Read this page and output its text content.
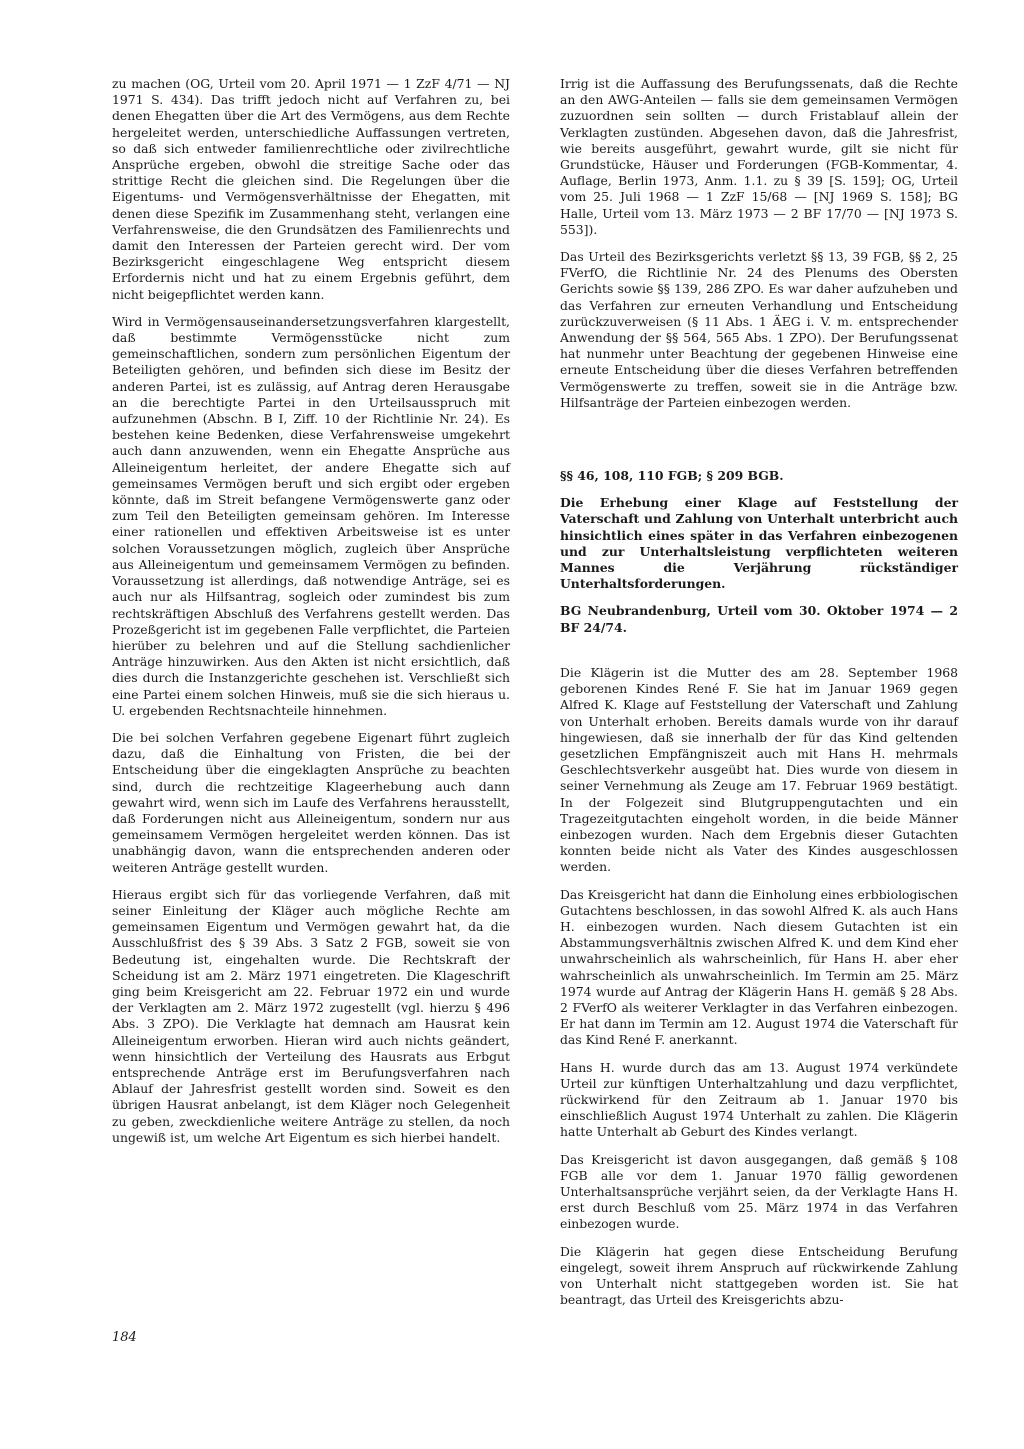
zu machen (OG, Urteil vom 20. April 1971 — 1 ZzF 4/71 — NJ 1971 S. 434). Das trifft jedoch nicht auf Verfahren zu, bei denen Ehegatten über die Art des Vermögens, aus dem Rechte hergeleitet werden, unterschiedliche Auffassungen vertreten, so daß sich entweder familienrechtliche oder zivilrechtliche Ansprüche ergeben, obwohl die streitige Sache oder das strittige Recht die gleichen sind. Die Regelungen über die Eigentums- und Vermögensverhältnisse der Ehegatten, mit denen diese Spezifik im Zusammenhang steht, verlangen eine Verfahrensweise, die den Grundsätzen des Familienrechts und damit den Interessen der Parteien gerecht wird. Der vom Bezirksgericht eingeschlagene Weg entspricht diesem Erfordernis nicht und hat zu einem Ergebnis geführt, dem nicht beigepflichtet werden kann.

Wird in Vermögensauseinandersetzungsverfahren klargestellt, daß bestimmte Vermögensstücke nicht zum gemeinschaftlichen, sondern zum persönlichen Eigentum der Beteiligten gehören, und befinden sich diese im Besitz der anderen Partei, ist es zulässig, auf Antrag deren Herausgabe an die berechtigte Partei in den Urteilsausspruch mit aufzunehmen (Abschn. B I, Ziff. 10 der Richtlinie Nr. 24). Es bestehen keine Bedenken, diese Verfahrensweise umgekehrt auch dann anzuwenden, wenn ein Ehegatte Ansprüche aus Alleineigentum herleitet, der andere Ehegatte sich auf gemeinsames Vermögen beruft und sich ergibt oder ergeben könnte, daß im Streit befangene Vermögenswerte ganz oder zum Teil den Beteiligten gemeinsam gehören. Im Interesse einer rationellen und effektiven Arbeitsweise ist es unter solchen Voraussetzungen möglich, zugleich über Ansprüche aus Alleineigentum und gemeinsamem Vermögen zu befinden. Voraussetzung ist allerdings, daß notwendige Anträge, sei es auch nur als Hilfsantrag, sogleich oder zumindest bis zum rechtskräftigen Abschluß des Verfahrens gestellt werden. Das Prozeßgericht ist im gegebenen Falle verpflichtet, die Parteien hierüber zu belehren und auf die Stellung sachdienlicher Anträge hinzuwirken. Aus den Akten ist nicht ersichtlich, daß dies durch die Instanzgerichte geschehen ist. Verschließt sich eine Partei einem solchen Hinweis, muß sie die sich hieraus u. U. ergebenden Rechtsnachteile hinnehmen.

Die bei solchen Verfahren gegebene Eigenart führt zugleich dazu, daß die Einhaltung von Fristen, die bei der Entscheidung über die eingeklagten Ansprüche zu beachten sind, durch die rechtzeitige Klageerhebung auch dann gewahrt wird, wenn sich im Laufe des Verfahrens herausstellt, daß Forderungen nicht aus Alleineigentum, sondern nur aus gemeinsamem Vermögen hergeleitet werden können. Das ist unabhängig davon, wann die entsprechenden anderen oder weiteren Anträge gestellt wurden.

Hieraus ergibt sich für das vorliegende Verfahren, daß mit seiner Einleitung der Kläger auch mögliche Rechte am gemeinsamen Eigentum und Vermögen gewahrt hat, da die Ausschlußfrist des § 39 Abs. 3 Satz 2 FGB, soweit sie von Bedeutung ist, eingehalten wurde. Die Rechtskraft der Scheidung ist am 2. März 1971 eingetreten. Die Klageschrift ging beim Kreisgericht am 22. Februar 1972 ein und wurde der Verklagten am 2. März 1972 zugestellt (vgl. hierzu § 496 Abs. 3 ZPO). Die Verklagte hat demnach am Hausrat kein Alleineigentum erworben. Hieran wird auch nichts geändert, wenn hinsichtlich der Verteilung des Hausrats aus Erbgut entsprechende Anträge erst im Berufungsverfahren nach Ablauf der Jahresfrist gestellt worden sind. Soweit es den übrigen Hausrat anbelangt, ist dem Kläger noch Gelegenheit zu geben, zweckdienliche weitere Anträge zu stellen, da noch ungewiß ist, um welche Art Eigentum es sich hierbei handelt.

Irrig ist die Auffassung des Berufungssenats, daß die Rechte an den AWG-Anteilen — falls sie dem gemeinsamen Vermögen zuzuordnen sein sollten — durch Fristablauf allein der Verklagten zustünden. Abgesehen davon, daß die Jahresfrist, wie bereits ausgeführt, gewahrt wurde, gilt sie nicht für Grundstücke, Häuser und Forderungen (FGB-Kommentar, 4. Auflage, Berlin 1973, Anm. 1.1. zu § 39 [S. 159]; OG, Urteil vom 25. Juli 1968 — 1 ZzF 15/68 — [NJ 1969 S. 158]; BG Halle, Urteil vom 13. März 1973 — 2 BF 17/70 — [NJ 1973 S. 553]).

Das Urteil des Bezirksgerichts verletzt §§ 13, 39 FGB, §§ 2, 25 FVerfO, die Richtlinie Nr. 24 des Plenums des Obersten Gerichts sowie §§ 139, 286 ZPO. Es war daher aufzuheben und das Verfahren zur erneuten Verhandlung und Entscheidung zurückzuverweisen (§ 11 Abs. 1 ÄEG i. V. m. entsprechender Anwendung der §§ 564, 565 Abs. 1 ZPO). Der Berufungssenat hat nunmehr unter Beachtung der gegebenen Hinweise eine erneute Entscheidung über die dieses Verfahren betreffenden Vermögenswerte zu treffen, soweit sie in die Anträge bzw. Hilfsanträge der Parteien einbezogen werden.

§§ 46, 108, 110 FGB; § 209 BGB.

Die Erhebung einer Klage auf Feststellung der Vaterschaft und Zahlung von Unterhalt unterbricht auch hinsichtlich eines später in das Verfahren einbezogenen und zur Unterhaltsleistung verpflichteten weiteren Mannes die Verjährung rückständiger Unterhaltsforderungen.

BG Neubrandenburg, Urteil vom 30. Oktober 1974 — 2 BF 24/74.

Die Klägerin ist die Mutter des am 28. September 1968 geborenen Kindes René F. Sie hat im Januar 1969 gegen Alfred K. Klage auf Feststellung der Vaterschaft und Zahlung von Unterhalt erhoben. Bereits damals wurde von ihr darauf hingewiesen, daß sie innerhalb der für das Kind geltenden gesetzlichen Empfängniszeit auch mit Hans H. mehrmals Geschlechtsverkehr ausgeübt hat. Dies wurde von diesem in seiner Vernehmung als Zeuge am 17. Februar 1969 bestätigt. In der Folgezeit sind Blutgruppengutachten und ein Tragezeitgutachten eingeholt worden, in die beide Männer einbezogen wurden. Nach dem Ergebnis dieser Gutachten konnten beide nicht als Vater des Kindes ausgeschlossen werden.

Das Kreisgericht hat dann die Einholung eines erbbiologischen Gutachtens beschlossen, in das sowohl Alfred K. als auch Hans H. einbezogen wurden. Nach diesem Gutachten ist ein Abstammungsverhältnis zwischen Alfred K. und dem Kind eher unwahrscheinlich als wahrscheinlich, für Hans H. aber eher wahrscheinlich als unwahrscheinlich. Im Termin am 25. März 1974 wurde auf Antrag der Klägerin Hans H. gemäß § 28 Abs. 2 FVerfO als weiterer Verklagter in das Verfahren einbezogen. Er hat dann im Termin am 12. August 1974 die Vaterschaft für das Kind René F. anerkannt.

Hans H. wurde durch das am 13. August 1974 verkündete Urteil zur künftigen Unterhaltzahlung und dazu verpflichtet, rückwirkend für den Zeitraum ab 1. Januar 1970 bis einschließlich August 1974 Unterhalt zu zahlen. Die Klägerin hatte Unterhalt ab Geburt des Kindes verlangt.

Das Kreisgericht ist davon ausgegangen, daß gemäß § 108 FGB alle vor dem 1. Januar 1970 fällig gewordenen Unterhaltsansprüche verjährt seien, da der Verklagte Hans H. erst durch Beschluß vom 25. März 1974 in das Verfahren einbezogen wurde.

Die Klägerin hat gegen diese Entscheidung Berufung eingelegt, soweit ihrem Anspruch auf rückwirkende Zahlung von Unterhalt nicht stattgegeben worden ist. Sie hat beantragt, das Urteil des Kreisgerichts abzu-

184
